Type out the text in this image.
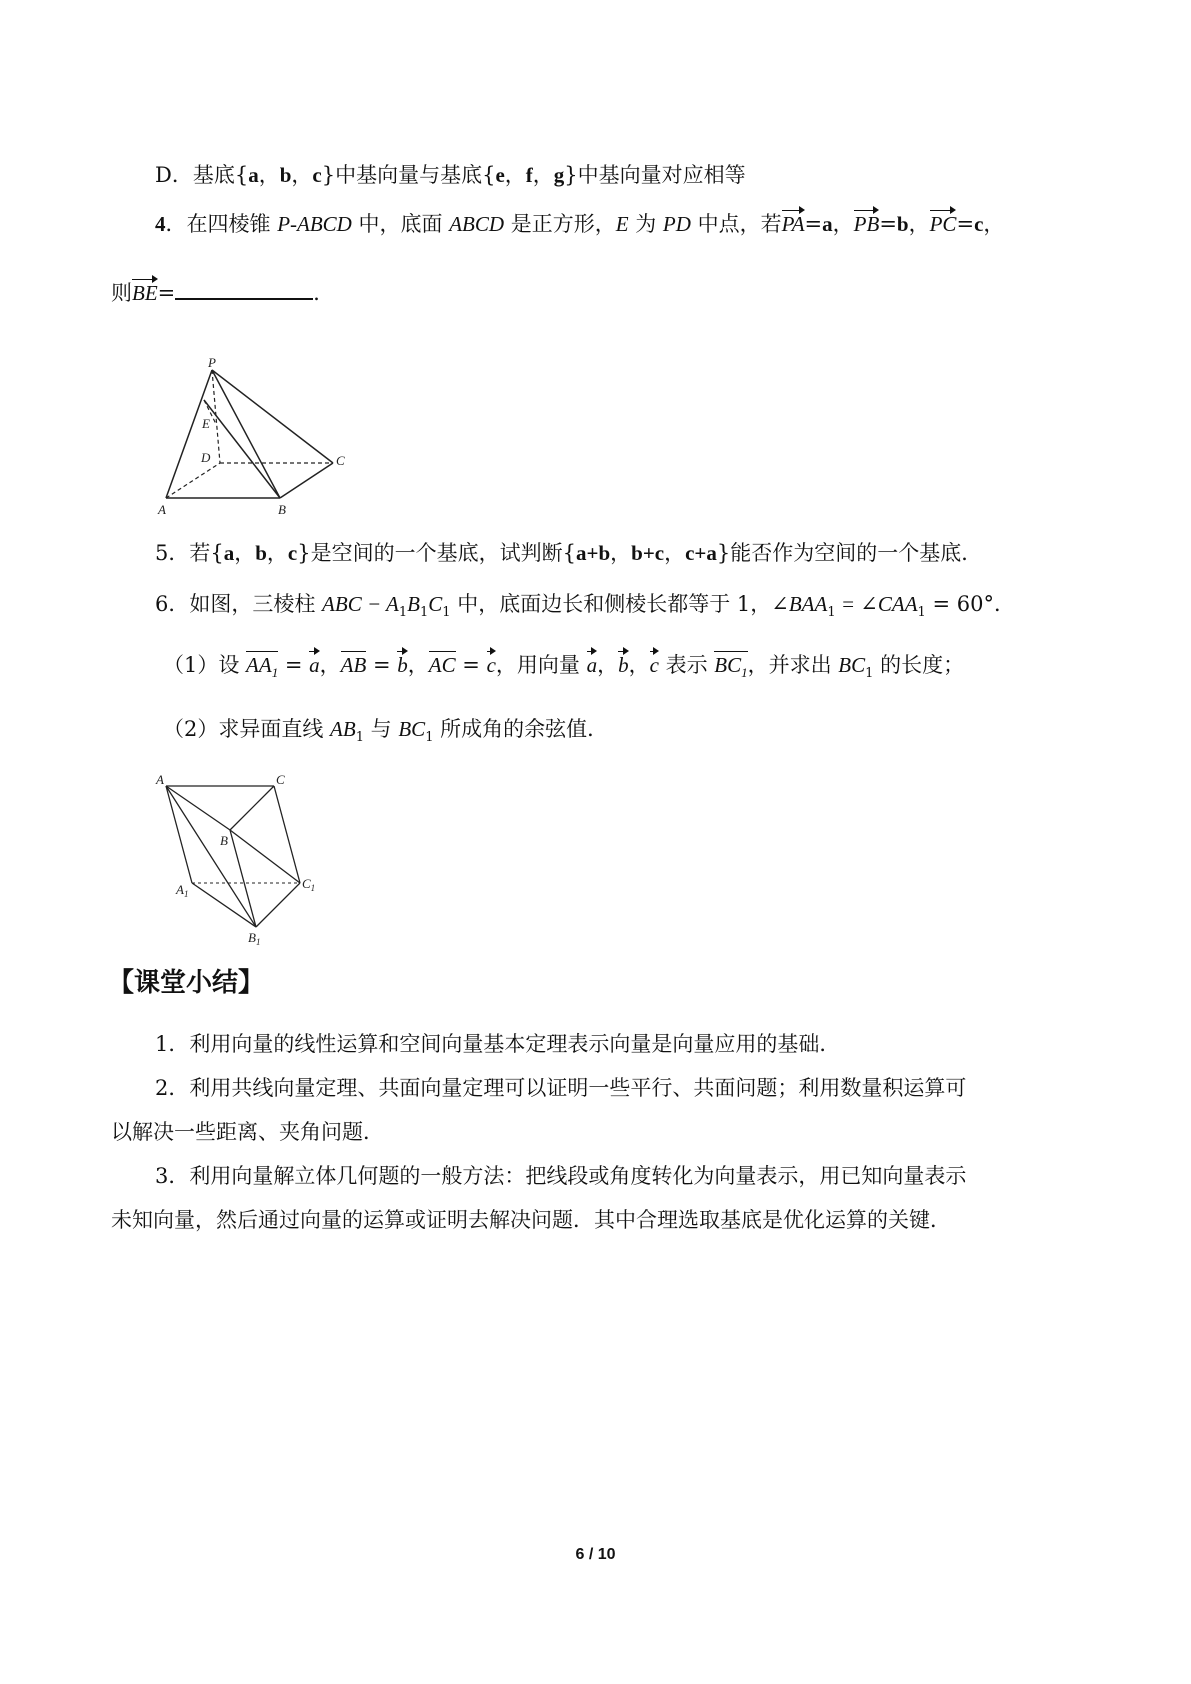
D．基底{a，b，c}中基向量与基底{e，f，g}中基向量对应相等
4．在四棱锥 P-ABCD 中，底面 ABCD 是正方形，E 为 PD 中点，若PA=a，PB=b，PC=c，
则BE=	．
P
E
D	C
A	B
5．若{a，b，c}是空间的一个基底，试判断{a+b，b+c，c+a}能否作为空间的一个基底．
6．如图，三棱柱 ABC − $A_1B_1C_1$ 中，底面边长和侧棱长都等于 1，$\angle BAA_1$ = $\angle CAA_1 = 60^\circ$．
（1）设 $AA_1 = a$，AB = b，AC = c，用向量 a，b，c 表示 $BC_1$，并求出 $BC_1$ 的长度；
（2）求异面直线 $AB_1$ 与 $BC_1$ 所成角的余弦值．
A	C
B
$A_1$
$C_1$
$B_1$
【课堂小结】
1．利用向量的线性运算和空间向量基本定理表示向量是向量应用的基础．
2．利用共线向量定理、共面向量定理可以证明一些平行、共面问题；利用数量积运算可
以解决一些距离、夹角问题．
3．利用向量解立体几何题的一般方法：把线段或角度转化为向量表示，用已知向量表示
未知向量，然后通过向量的运算或证明去解决问题．其中合理选取基底是优化运算的关键．
6 / 10
